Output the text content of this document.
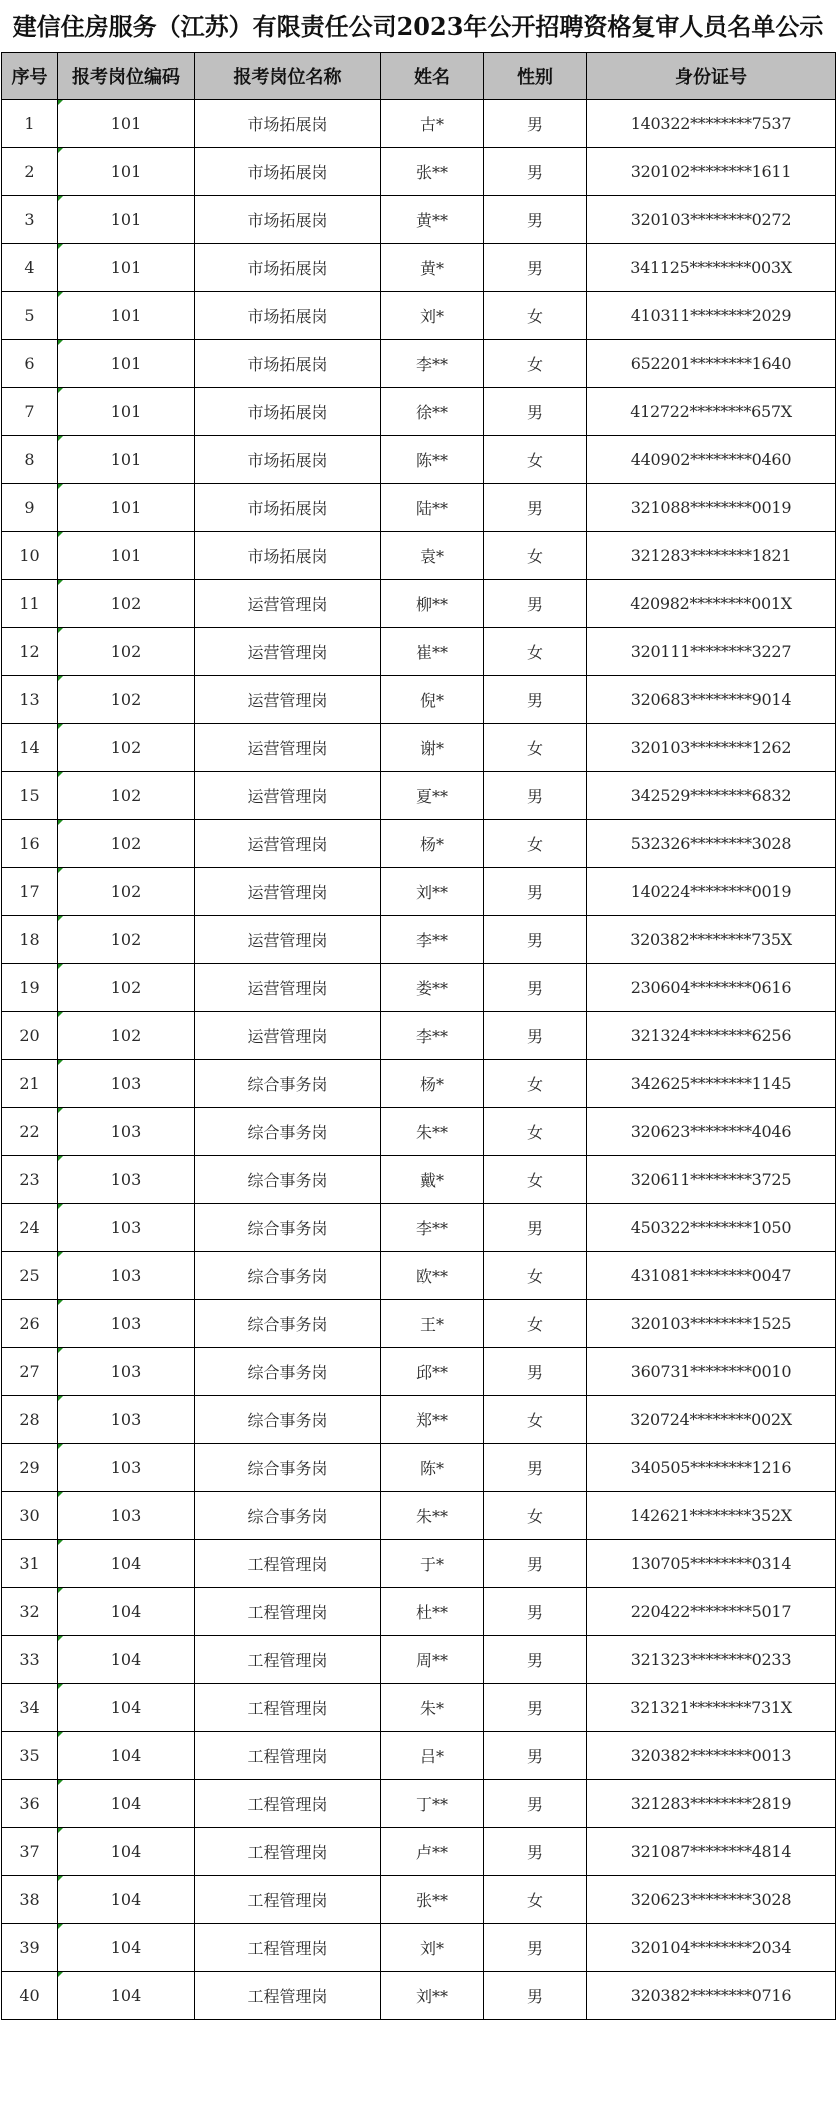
建信住房服务（江苏）有限责任公司2023年公开招聘资格复审人员名单公示
序号	报考岗位编码	报考岗位名称	姓名	性别	身份证号
1	101	市场拓展岗	古*	男	140322********7537
2	101	市场拓展岗	张**	男	320102********1611
3	101	市场拓展岗	黄**	男	320103********0272
4	101	市场拓展岗	黄*	男	341125********003X
5	101	市场拓展岗	刘*	女	410311********2029
6	101	市场拓展岗	李**	女	652201********1640
7	101	市场拓展岗	徐**	男	412722********657X
8	101	市场拓展岗	陈**	女	440902********0460
9	101	市场拓展岗	陆**	男	321088********0019
10	101	市场拓展岗	袁*	女	321283********1821
11	102	运营管理岗	柳**	男	420982********001X
12	102	运营管理岗	崔**	女	320111********3227
13	102	运营管理岗	倪*	男	320683********9014
14	102	运营管理岗	谢*	女	320103********1262
15	102	运营管理岗	夏**	男	342529********6832
16	102	运营管理岗	杨*	女	532326********3028
17	102	运营管理岗	刘**	男	140224********0019
18	102	运营管理岗	李**	男	320382********735X
19	102	运营管理岗	娄**	男	230604********0616
20	102	运营管理岗	李**	男	321324********6256
21	103	综合事务岗	杨*	女	342625********1145
22	103	综合事务岗	朱**	女	320623********4046
23	103	综合事务岗	戴*	女	320611********3725
24	103	综合事务岗	李**	男	450322********1050
25	103	综合事务岗	欧**	女	431081********0047
26	103	综合事务岗	王*	女	320103********1525
27	103	综合事务岗	邱**	男	360731********0010
28	103	综合事务岗	郑**	女	320724********002X
29	103	综合事务岗	陈*	男	340505********1216
30	103	综合事务岗	朱**	女	142621********352X
31	104	工程管理岗	于*	男	130705********0314
32	104	工程管理岗	杜**	男	220422********5017
33	104	工程管理岗	周**	男	321323********0233
34	104	工程管理岗	朱*	男	321321********731X
35	104	工程管理岗	吕*	男	320382********0013
36	104	工程管理岗	丁**	男	321283********2819
37	104	工程管理岗	卢**	男	321087********4814
38	104	工程管理岗	张**	女	320623********3028
39	104	工程管理岗	刘*	男	320104********2034
40	104	工程管理岗	刘**	男	320382********0716
